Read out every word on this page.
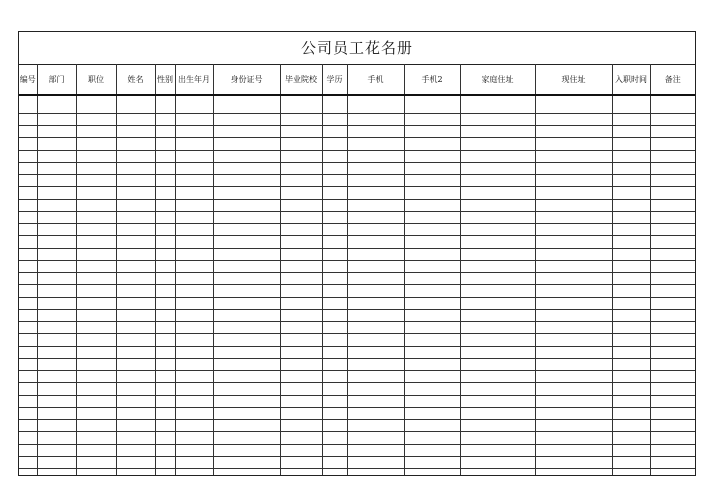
公司员工花名册
编号	部门	职位	姓名	性别	出生年月	身份证号	毕业院校	学历	手机	手机2	家庭住址	现住址	入职时间	备注
